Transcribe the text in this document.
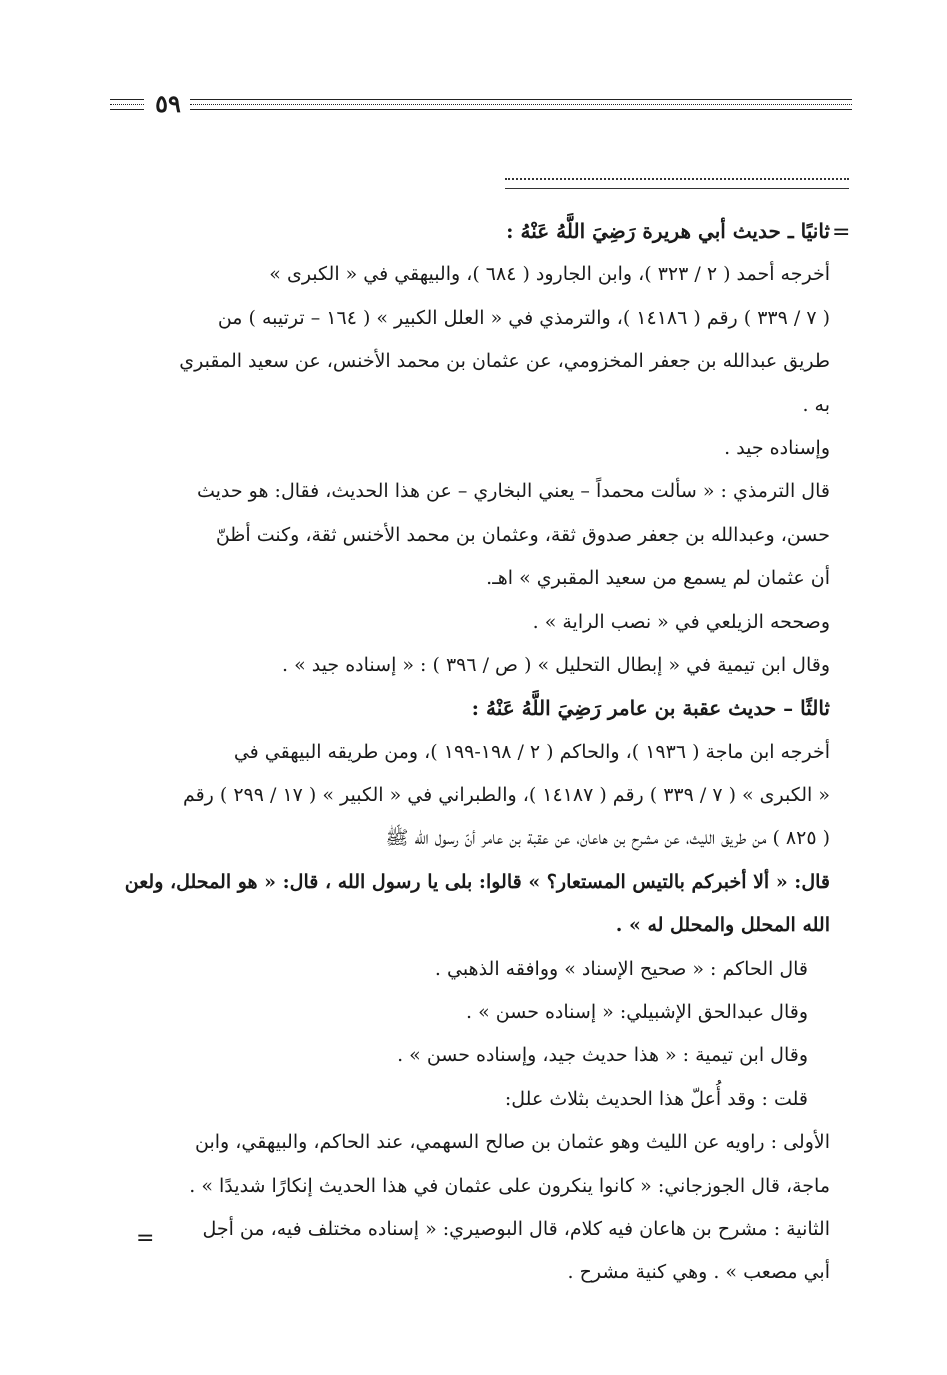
٥٩
=
=
ثانيًا ـ حديث أبي هريرة رَضِيَ اللَّهُ عَنْهُ :
أخرجه أحمد ( ٢ / ٣٢٣ )، وابن الجارود ( ٦٨٤ )، والبيهقي في « الكبرى »
( ٧ / ٣٣٩ ) رقم ( ١٤١٨٦ )، والترمذي في « العلل الكبير » ( ١٦٤ – ترتيبه ) من
طريق عبدالله بن جعفر المخزومي، عن عثمان بن محمد الأخنس، عن سعيد المقبري
به .
وإسناده جيد .
قال الترمذي : « سألت محمداً – يعني البخاري – عن هذا الحديث، فقال: هو حديث
حسن، وعبدالله بن جعفر صدوق ثقة، وعثمان بن محمد الأخنس ثقة، وكنت أظنّ
أن عثمان لم يسمع من سعيد المقبري » اهـ.
وصححه الزيلعي في « نصب الراية » .
وقال ابن تيمية في « إبطال التحليل » ( ص / ٣٩٦ ) : « إسناده جيد » .
ثالثًا – حديث عقبة بن عامر رَضِيَ اللَّهُ عَنْهُ :
أخرجه ابن ماجة ( ١٩٣٦ )، والحاكم ( ٢ / ١٩٨-١٩٩ )، ومن طريقه البيهقي في
« الكبرى » ( ٧ / ٣٣٩ ) رقم ( ١٤١٨٧ )، والطبراني في « الكبير » ( ١٧ / ٢٩٩ ) رقم
( ٨٢٥ ) من طريق الليث، عن مشرح بن هاعان، عن عقبة بن عامر أنّ رسول الله ﷺ
قال: « ألا أخبركم بالتيس المستعار؟ » قالوا: بلى يا رسول الله ، قال: « هو المحلل، ولعن
الله المحلل والمحلل له » .
قال الحاكم : « صحيح الإسناد » ووافقه الذهبي .
وقال عبدالحق الإشبيلي: « إسناده حسن » .
وقال ابن تيمية : « هذا حديث جيد، وإسناده حسن » .
قلت : وقد أُعلّ هذا الحديث بثلاث علل:
الأولى : راويه عن الليث وهو عثمان بن صالح السهمي، عند الحاكم، والبيهقي، وابن
ماجة، قال الجوزجاني: « كانوا ينكرون على عثمان في هذا الحديث إنكارًا شديدًا » .
الثانية : مشرح بن هاعان فيه كلام، قال البوصيري: « إسناده مختلف فيه، من أجل
أبي مصعب » . وهي كنية مشرح .
